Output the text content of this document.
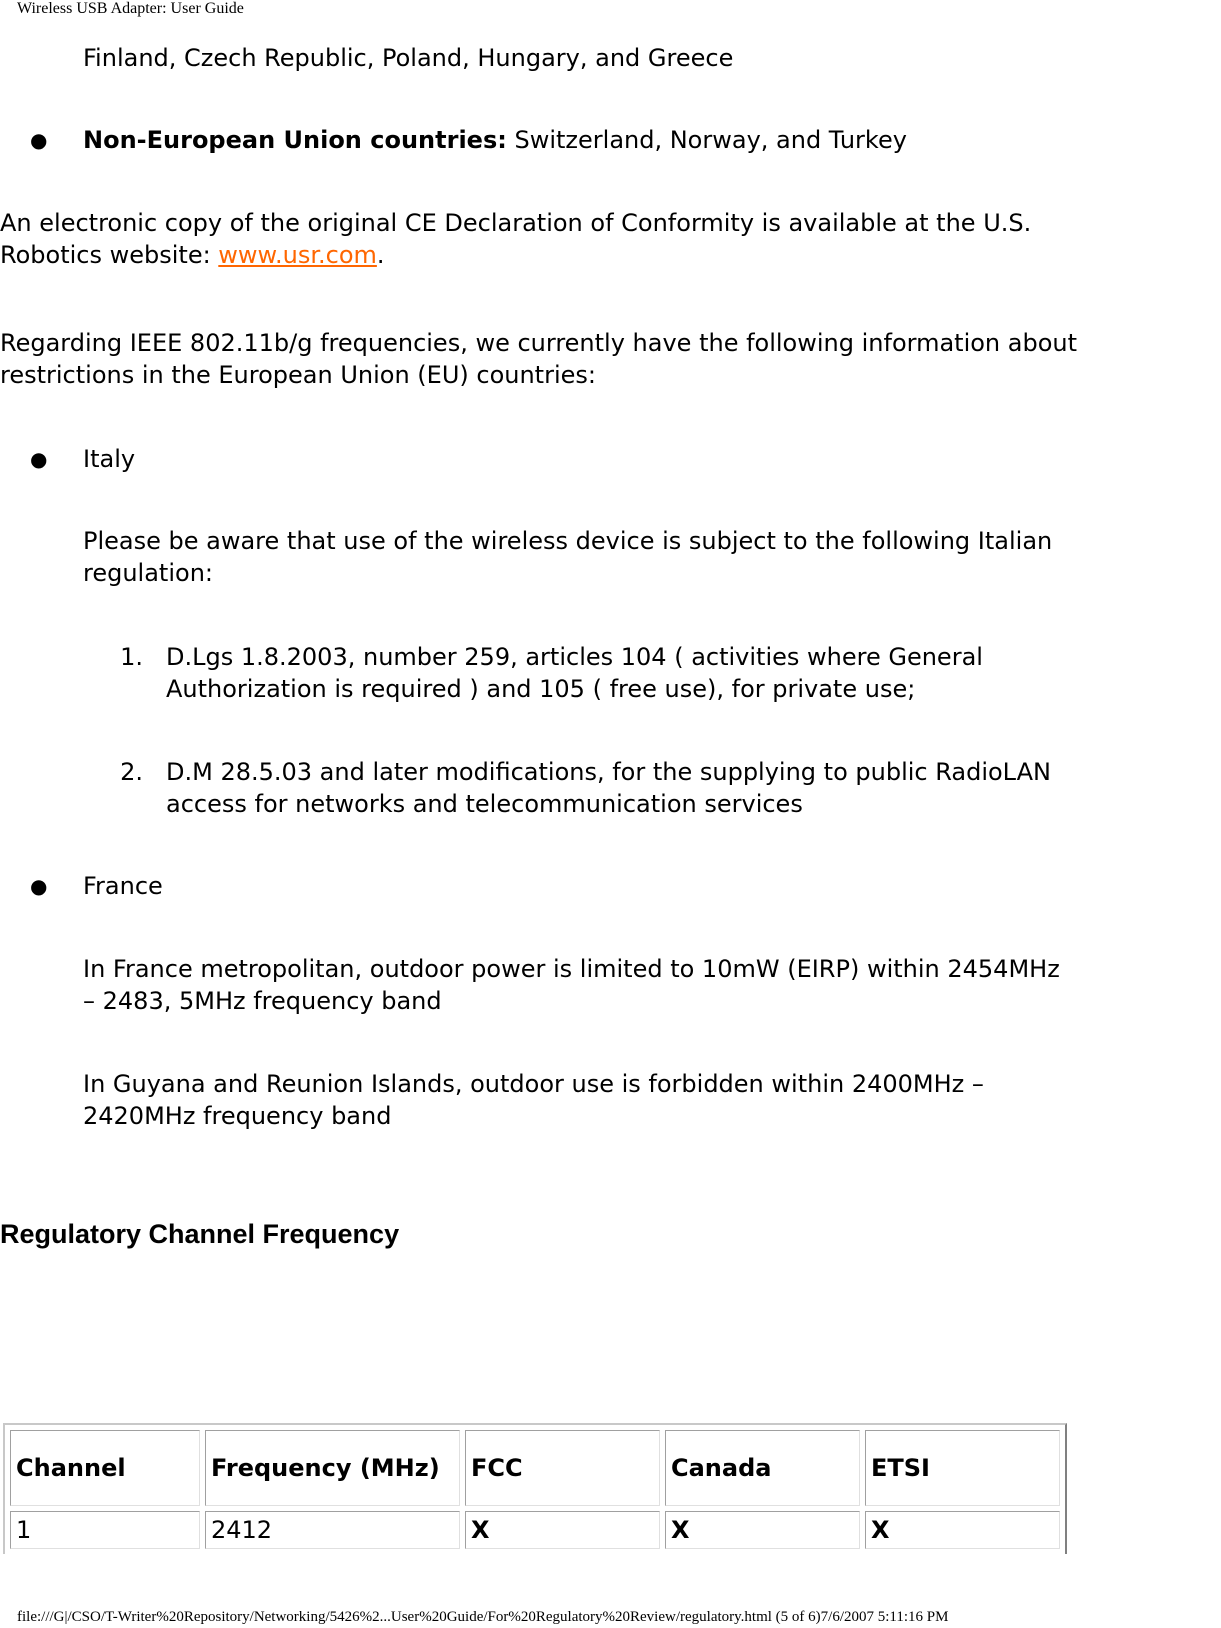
Wireless USB Adapter: User Guide

Finland, Czech Republic, Poland, Hungary, and Greece

● Non-European Union countries: Switzerland, Norway, and Turkey

An electronic copy of the original CE Declaration of Conformity is available at the U.S.

Robotics website: www.usr.com.

Regarding IEEE 802.11b/g frequencies, we currently have the following information about

restrictions in the European Union (EU) countries:

● Italy

Please be aware that use of the wireless device is subject to the following Italian

regulation:

1. D.Lgs 1.8.2003, number 259, articles 104 ( activities where General

Authorization is required ) and 105 ( free use), for private use;

2. D.M 28.5.03 and later modifications, for the supplying to public RadioLAN

access for networks and telecommunication services

● France

In France metropolitan, outdoor power is limited to 10mW (EIRP) within 2454MHz

– 2483, 5MHz frequency band

In Guyana and Reunion Islands, outdoor use is forbidden within 2400MHz –

2420MHz frequency band

Regulatory Channel Frequency
Channel	Frequency (MHz)	FCC	Canada	ETSI
1	2412	X	X	X
file:///G|/CSO/T-Writer%20Repository/Networking/5426%2...User%20Guide/For%20Regulatory%20Review/regulatory.html (5 of 6)7/6/2007 5:11:16 PM
